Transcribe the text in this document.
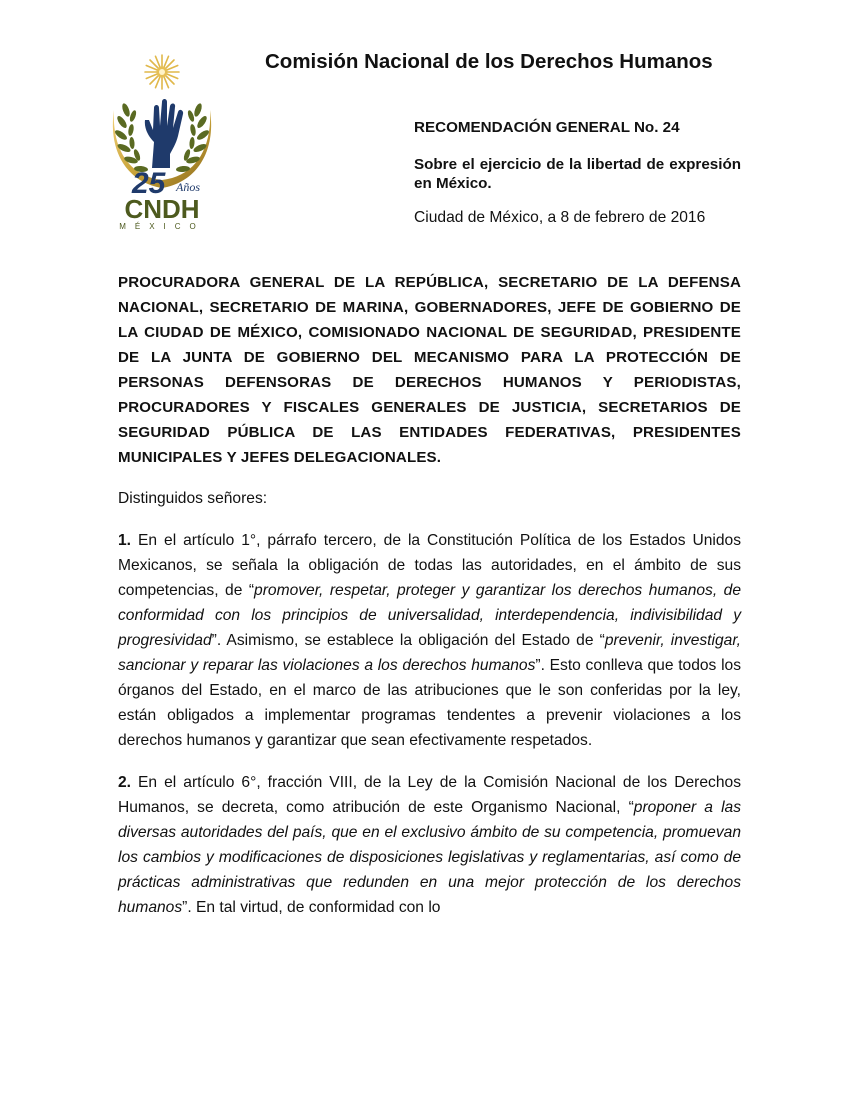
25 Años
CNDH
MÉXICO
Comisión Nacional de los Derechos Humanos
RECOMENDACIÓN GENERAL No. 24
Sobre el ejercicio de la libertad de expresión en México.
Ciudad de México, a 8 de febrero de 2016

PROCURADORA GENERAL DE LA REPÚBLICA, SECRETARIO DE LA DEFENSA NACIONAL, SECRETARIO DE MARINA, GOBERNADORES, JEFE DE GOBIERNO DE LA CIUDAD DE MÉXICO, COMISIONADO NACIONAL DE SEGURIDAD, PRESIDENTE DE LA JUNTA DE GOBIERNO DEL MECANISMO PARA LA PROTECCIÓN DE PERSONAS DEFENSORAS DE DERECHOS HUMANOS Y PERIODISTAS, PROCURADORES Y FISCALES GENERALES DE JUSTICIA, SECRETARIOS DE SEGURIDAD PÚBLICA DE LAS ENTIDADES FEDERATIVAS, PRESIDENTES MUNICIPALES Y JEFES DELEGACIONALES.

Distinguidos señores:

1. En el artículo 1°, párrafo tercero, de la Constitución Política de los Estados Unidos Mexicanos, se señala la obligación de todas las autoridades, en el ámbito de sus competencias, de “promover, respetar, proteger y garantizar los derechos humanos, de conformidad con los principios de universalidad, interdependencia, indivisibilidad y progresividad”. Asimismo, se establece la obligación del Estado de “prevenir, investigar, sancionar y reparar las violaciones a los derechos humanos”. Esto conlleva que todos los órganos del Estado, en el marco de las atribuciones que le son conferidas por la ley, están obligados a implementar programas tendentes a prevenir violaciones a los derechos humanos y garantizar que sean efectivamente respetados.

2. En el artículo 6°, fracción VIII, de la Ley de la Comisión Nacional de los Derechos Humanos, se decreta, como atribución de este Organismo Nacional, “proponer a las diversas autoridades del país, que en el exclusivo ámbito de su competencia, promuevan los cambios y modificaciones de disposiciones legislativas y reglamentarias, así como de prácticas administrativas que redunden en una mejor protección de los derechos humanos”. En tal virtud, de conformidad con lo
